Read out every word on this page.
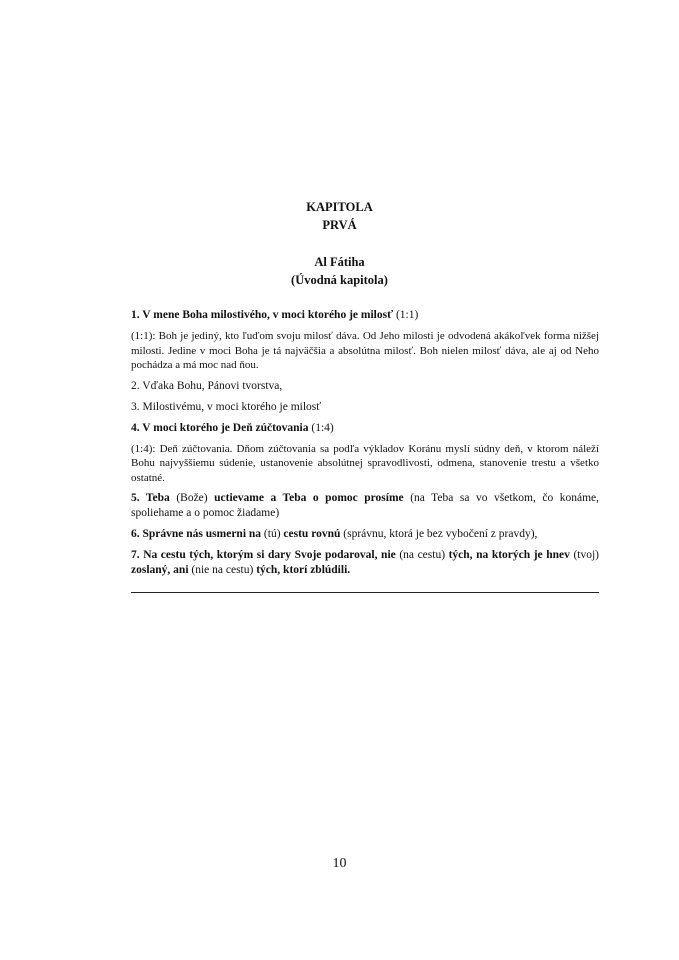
KAPITOLA
PRVÁ
Al Fátiha
(Úvodná kapitola)

1. V mene Boha milostivého, v moci ktorého je milosť (1:1)

(1:1): Boh je jediný, kto ľuďom svoju milosť dáva. Od Jeho milosti je odvodená akákoľvek forma nižšej milosti. Jedine v moci Boha je tá najväčšia a absolútna milosť. Boh nielen milosť dáva, ale aj od Neho pochádza a má moc nad ňou.

2. Vďaka Bohu, Pánovi tvorstva,

3. Milostivému, v moci ktorého je milosť

4. V moci ktorého je Deň zúčtovania (1:4)

(1:4): Deň zúčtovania. Dňom zúčtovania sa podľa výkladov Koránu myslí súdny deň, v ktorom náleží Bohu najvyššiemu súdenie, ustanovenie absolútnej spravodlivosti, odmena, stanovenie trestu a všetko ostatné.

5. Teba (Bože) uctievame a Teba o pomoc prosíme (na Teba sa vo všetkom, čo konáme, spoliehame a o pomoc žiadame)

6. Správne nás usmerni na (tú) cestu rovnú (správnu, ktorá je bez vybočení z pravdy),

7. Na cestu tých, ktorým si dary Svoje podaroval, nie (na cestu) tých, na ktorých je hnev (tvoj) zoslaný, ani (nie na cestu) tých, ktorí zblúdili.

10
